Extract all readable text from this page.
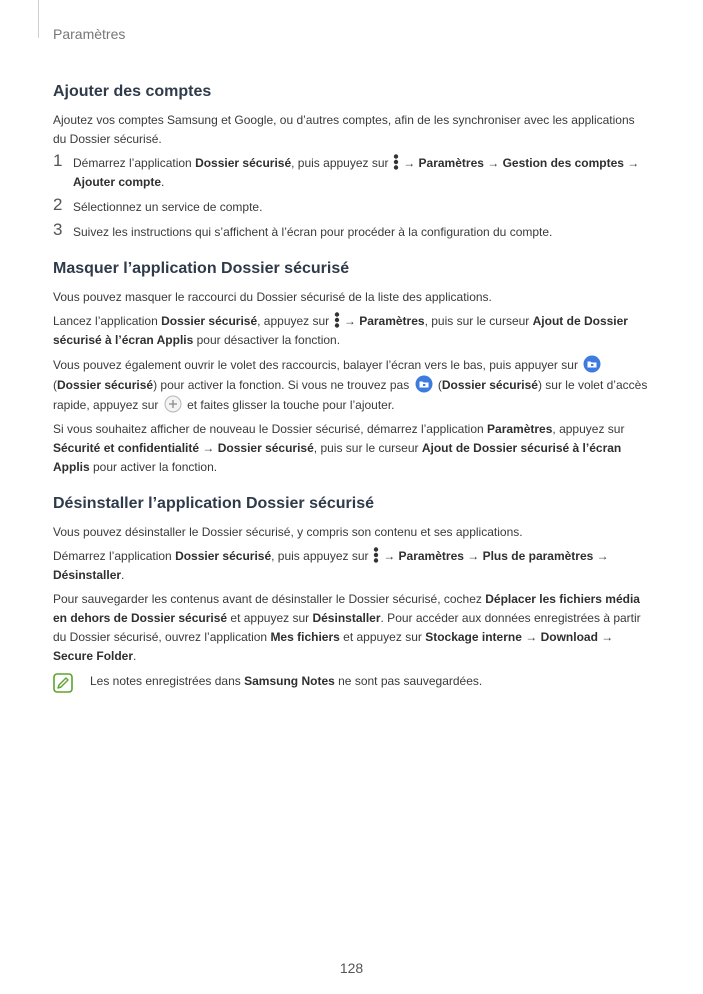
Paramètres
Ajouter des comptes

Ajoutez vos comptes Samsung et Google, ou d’autres comptes, afin de les synchroniser avec les applications du Dossier sécurisé.

1 Démarrez l’application Dossier sécurisé, puis appuyez sur
→ Paramètres → Gestion des comptes → Ajouter compte.
2 Sélectionnez un service de compte.
3 Suivez les instructions qui s’affichent à l’écran pour procéder à la configuration du compte.
Masquer l’application Dossier sécurisé

Vous pouvez masquer le raccourci du Dossier sécurisé de la liste des applications.

Lancez l’application Dossier sécurisé, appuyez sur
→ Paramètres, puis sur le curseur Ajout de Dossier sécurisé à l’écran Applis pour désactiver la fonction.

Vous pouvez également ouvrir le volet des raccourcis, balayer l’écran vers le bas, puis appuyer sur  (Dossier sécurisé) pour activer la fonction. Si vous ne trouvez pas  (Dossier sécurisé) sur le volet d’accès rapide, appuyez sur  et faites glisser la touche pour l’ajouter.

Si vous souhaitez afficher de nouveau le Dossier sécurisé, démarrez l’application Paramètres, appuyez sur Sécurité et confidentialité → Dossier sécurisé, puis sur le curseur Ajout de Dossier sécurisé à l’écran Applis pour activer la fonction.

Désinstaller l’application Dossier sécurisé

Vous pouvez désinstaller le Dossier sécurisé, y compris son contenu et ses applications.

Démarrez l’application Dossier sécurisé, puis appuyez sur
→ Paramètres → Plus de paramètres → Désinstaller.

Pour sauvegarder les contenus avant de désinstaller le Dossier sécurisé, cochez Déplacer les fichiers média en dehors de Dossier sécurisé et appuyez sur Désinstaller. Pour accéder aux données enregistrées à partir du Dossier sécurisé, ouvrez l’application Mes fichiers et appuyez sur Stockage interne → Download → Secure Folder.

Les notes enregistrées dans Samsung Notes ne sont pas sauvegardées.

128
